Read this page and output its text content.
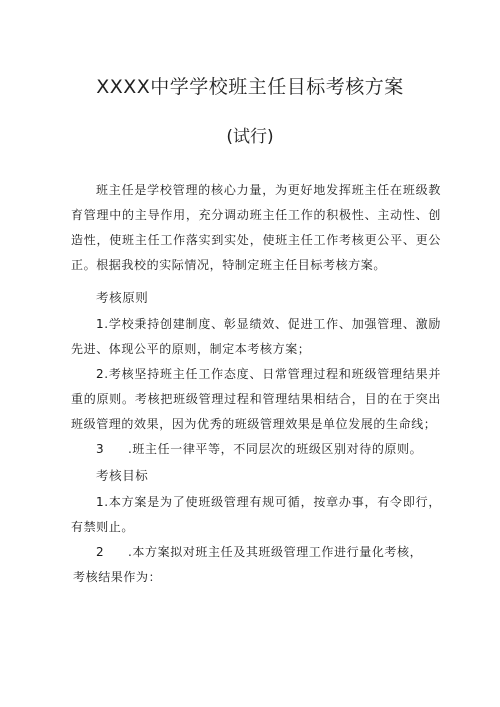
XXXX中学学校班主任目标考核方案
(试行)

班主任是学校管理的核心力量，为更好地发挥班主任在班级教育管理中的主导作用，充分调动班主任工作的积极性、主动性、创造性，使班主任工作落实到实处，使班主任工作考核更公平、更公正。根据我校的实际情况，特制定班主任目标考核方案。

考核原则

1.学校秉持创建制度、彰显绩效、促进工作、加强管理、激励先进、体现公平的原则，制定本考核方案；

2.考核坚持班主任工作态度、日常管理过程和班级管理结果并重的原则。考核把班级管理过程和管理结果相结合，目的在于突出班级管理的效果，因为优秀的班级管理效果是单位发展的生命线；

3 .班主任一律平等，不同层次的班级区别对待的原则。

考核目标

1.本方案是为了使班级管理有规可循，按章办事，有令即行，有禁则止。

2 .本方案拟对班主任及其班级管理工作进行量化考核，

考核结果作为：
